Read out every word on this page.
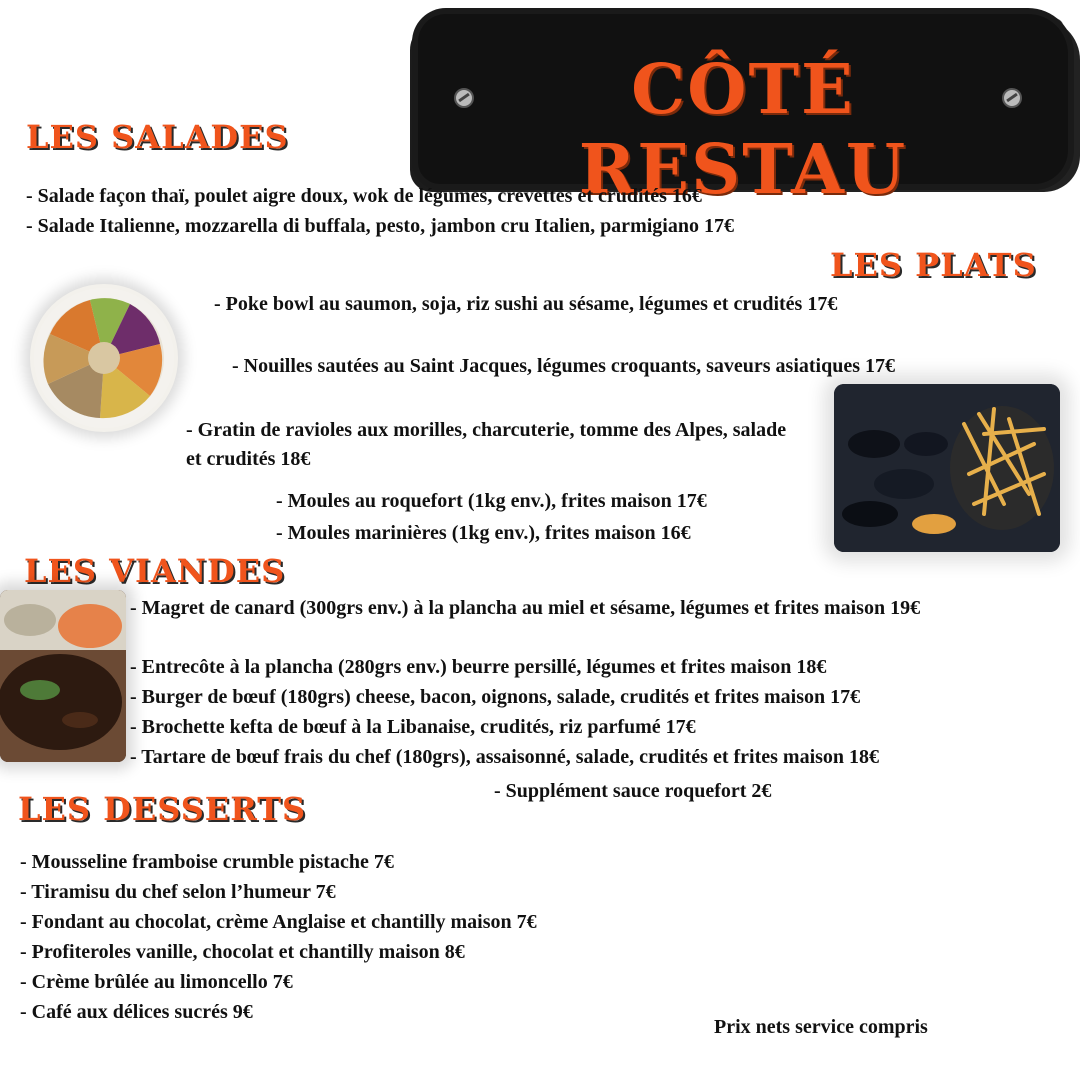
CÔTÉ RESTAU
LES SALADES
- Salade façon thaï, poulet aigre doux, wok de légumes, crevettes et crudités 16€
- Salade Italienne, mozzarella di buffala, pesto, jambon cru Italien, parmigiano 17€
LES PLATS
- Poke bowl au saumon, soja, riz sushi au sésame, légumes et crudités 17€
- Nouilles sautées au Saint Jacques, légumes croquants, saveurs asiatiques 17€
- Gratin de ravioles aux morilles, charcuterie, tomme des Alpes, salade et crudités 18€
- Moules au roquefort (1kg env.), frites maison 17€
- Moules marinières (1kg env.), frites maison 16€
LES VIANDES
- Magret de canard (300grs env.) à la plancha au miel et sésame, légumes et frites maison 19€
- Entrecôte à la plancha (280grs env.) beurre persillé, légumes et frites maison 18€
- Burger de bœuf (180grs) cheese, bacon, oignons, salade, crudités et frites maison 17€
- Brochette kefta de bœuf à la Libanaise, crudités, riz parfumé 17€
- Tartare de bœuf frais du chef (180grs), assaisonné, salade, crudités et frites maison 18€
- Supplément sauce roquefort 2€
LES DESSERTS
- Mousseline framboise crumble pistache 7€
- Tiramisu du chef selon l’humeur 7€
- Fondant au chocolat, crème Anglaise et chantilly maison 7€
- Profiteroles vanille, chocolat et chantilly maison 8€
- Crème brûlée au limoncello 7€
- Café aux délices sucrés 9€
Prix nets service compris
